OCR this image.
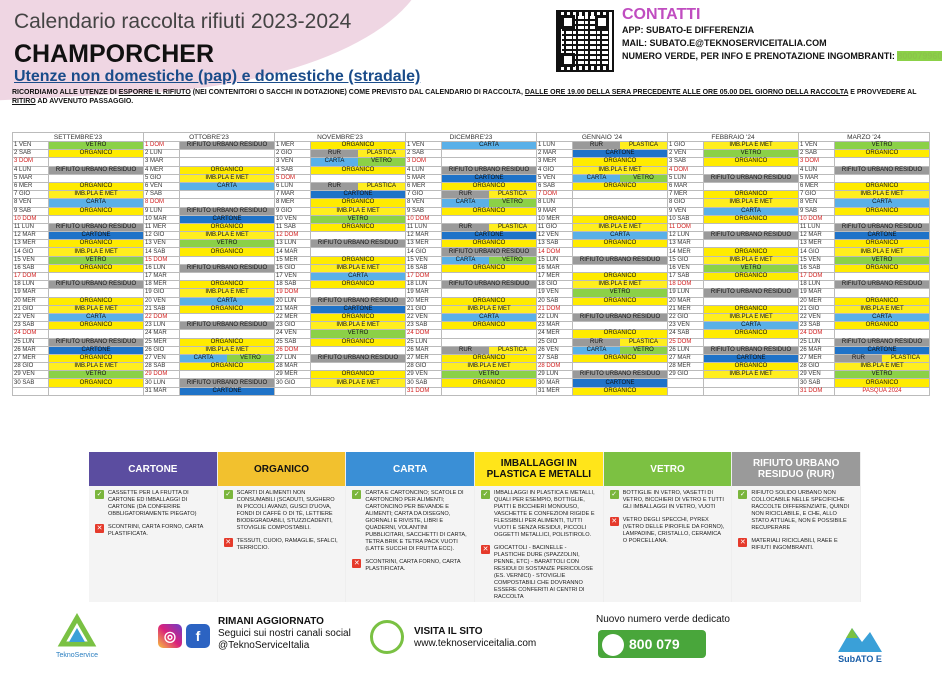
Calendario raccolta rifiuti 2023-2024
CHAMPORCHER
Utenze non domestiche (pap) e domestiche (stradale)
CONTATTI
APP: SUBATO-E DIFFERENZIA
MAIL: SUBATO.E@TEKNOSERVICEITALIA.COM
NUMERO VERDE, PER INFO E PRENOTAZIONE INGOMBRANTI: 800079960
RICORDIAMO ALLE UTENZE DI ESPORRE IL RIFIUTO (NEI CONTENITORI O SACCHI IN DOTAZIONE) COME PREVISTO DAL CALENDARIO DI RACCOLTA, DALLE ORE 19.00 DELLA SERA PRECEDENTE ALLE ORE 05.00 DEL GIORNO DELLA RACCOLTA E PROVVEDERE AL RITIRO AD AVVENUTO PASSAGGIO.
SETTEMBRE'23		OTTOBRE'23		NOVEMBRE'23		DICEMBRE'23		GENNAIO '24		FEBBRAIO '24		MARZO '24	
1 VEN	VETRO	1 DOM	RIFIUTO URBANO RESIDUO	1 MER	ORGANICO	1 VEN	CARTA	1 LUN	RUR PLASTICA	1 GIO	IMB.PLA E MET	1 VEN	VETRO
2 SAB	ORGANICO	2 LUN		2 GIO	RUR PLASTICA	2 SAB		2 MAR	CARTONE	2 VEN	VETRO	2 SAB	ORGANICO
3 DOM		3 MAR		3 VEN	CARTA VETRO	3 DOM		3 MER	ORGANICO	3 SAB	ORGANICO	3 DOM	
4 LUN	RIFIUTO URBANO RESIDUO	4 MER	ORGANICO	4 SAB	ORGANICO	4 LUN	RIFIUTO URBANO RESIDUO	4 GIO	IMB.PLA E MET	4 DOM		4 LUN	RIFIUTO URBANO RESIDUO
5 MAR		5 GIO	IMB.PLA E MET	5 DOM		5 MAR	CARTONE	5 VEN	CARTA VETRO	5 LUN	RIFIUTO URBANO RESIDUO	5 MAR	
6 MER	ORGANICO	6 VEN	CARTA	6 LUN	RUR PLASTICA	6 MER	ORGANICO	6 SAB	ORGANICO	6 MAR		6 MER	ORGANICO
7 GIO	IMB.PLA E MET	7 SAB		7 MAR	CARTONE	7 GIO	RUR PLASTICA	7 DOM		7 MER	ORGANICO	7 GIO	IMB.PLA E MET
8 VEN	CARTA	8 DOM		8 MER	ORGANICO	8 VEN	CARTA VETRO	8 LUN		8 GIO	IMB.PLA E MET	8 VEN	CARTA
9 SAB	ORGANICO	9 LUN	RIFIUTO URBANO RESIDUO	9 GIO	IMB.PLA E MET	9 SAB	ORGANICO	9 MAR		9 VEN	CARTA	9 SAB	ORGANICO
10 DOM		10 MAR	CARTONE	10 VEN	VETRO	10 DOM		10 MER	ORGANICO	10 SAB	ORGANICO	10 DOM	
11 LUN	RIFIUTO URBANO RESIDUO	11 MER	ORGANICO	11 SAB	ORGANICO	11 LUN	RUR PLASTICA	11 GIO	IMB.PLA E MET	11 DOM		11 LUN	RIFIUTO URBANO RESIDUO
12 MAR	CARTONE	12 GIO	IMB.PLA E MET	12 DOM		12 MAR	CARTONE	12 VEN	CARTA	12 LUN	RIFIUTO URBANO RESIDUO	12 MAR	CARTONE
13 MER	ORGANICO	13 VEN	VETRO	13 LUN	RIFIUTO URBANO RESIDUO	13 MER	ORGANICO	13 SAB	ORGANICO	13 MAR		13 MER	ORGANICO
14 GIO	IMB.PLA E MET	14 SAB	ORGANICO	14 MAR		14 GIO	RIFIUTO URBANO RESIDUO	14 DOM		14 MER	ORGANICO	14 GIO	IMB.PLA E MET
15 VEN	VETRO	15 DOM		15 MER	ORGANICO	15 VEN	CARTA VETRO	15 LUN	RIFIUTO URBANO RESIDUO	15 GIO	IMB.PLA E MET	15 VEN	VETRO
16 SAB	ORGANICO	16 LUN	RIFIUTO URBANO RESIDUO	16 GIO	IMB.PLA E MET	16 SAB	ORGANICO	16 MAR		16 VEN	VETRO	16 SAB	ORGANICO
17 DOM		17 MAR		17 VEN	CARTA	17 DOM		17 MER	ORGANICO	17 SAB	ORGANICO	17 DOM	
18 LUN	RIFIUTO URBANO RESIDUO	18 MER	ORGANICO	18 SAB	ORGANICO	18 LUN	RIFIUTO URBANO RESIDUO	18 GIO	IMB.PLA E MET	18 DOM		18 LUN	RIFIUTO URBANO RESIDUO
19 MAR		19 GIO	IMB.PLA E MET	19 DOM		19 MAR		19 VEN	VETRO	19 LUN	RIFIUTO URBANO RESIDUO	19 MAR	
20 MER	ORGANICO	20 VEN	CARTA	20 LUN	RIFIUTO URBANO RESIDUO	20 MER	ORGANICO	20 SAB	ORGANICO	20 MAR		20 MER	ORGANICO
21 GIO	IMB.PLA E MET	21 SAB	ORGANICO	21 MAR	CARTONE	21 GIO	IMB.PLA E MET	21 DOM		21 MER	ORGANICO	21 GIO	IMB.PLA E MET
22 VEN	CARTA	22 DOM		22 MER	ORGANICO	22 VEN	CARTA	22 LUN	RIFIUTO URBANO RESIDUO	22 GIO	IMB.PLA E MET	22 VEN	CARTA
23 SAB	ORGANICO	23 LUN	RIFIUTO URBANO RESIDUO	23 GIO	IMB.PLA E MET	23 SAB	ORGANICO	23 MAR		23 VEN	CARTA	23 SAB	ORGANICO
24 DOM		24 MAR		24 VEN	VETRO	24 DOM		24 MER	ORGANICO	24 SAB	ORGANICO	24 DOM	
25 LUN	RIFIUTO URBANO RESIDUO	25 MER	ORGANICO	25 SAB	ORGANICO	25 LUN		25 GIO	RUR PLASTICA	25 DOM		25 LUN	RIFIUTO URBANO RESIDUO
26 MAR	CARTONE	26 GIO	IMB.PLA E MET	26 DOM		26 MAR	RUR PLASTICA	26 VEN	CARTA VETRO	26 LUN	RIFIUTO URBANO RESIDUO	26 MAR	CARTONE
27 MER	ORGANICO	27 VEN	CARTA VETRO	27 LUN	RIFIUTO URBANO RESIDUO	27 MER	ORGANICO	27 SAB	ORGANICO	27 MAR	CARTONE	27 MER	RUR PLASTICA
28 GIO	IMB.PLA E MET	28 SAB	ORGANICO	28 MAR		28 GIO	IMB.PLA E MET	28 DOM		28 MER	ORGANICO	28 GIO	IMB.PLA E MET
29 VEN	VETRO	29 DOM		29 MER	ORGANICO	29 VEN	VETRO	29 LUN	RIFIUTO URBANO RESIDUO	29 GIO	IMB.PLA E MET	29 VEN	VETRO
30 SAB	ORGANICO	30 LUN	RIFIUTO URBANO RESIDUO	30 GIO	IMB.PLA E MET	30 SAB	ORGANICO	30 MAR	CARTONE			30 SAB	ORGANICO
		31 MAR	CARTONE			31 DOM		31 MER	ORGANICO			31 DOM	PASQUA 2024
CARTONE
✓ CASSETTE PER LA FRUTTA DI CARTONE ED IMBALLAGGI DI CARTONE (DA CONFERIRE OBBLIGATORIAMENTE PIEGATO)
✕ SCONTRINI, CARTA FORNO, CARTA PLASTIFICATA.
ORGANICO
✓ SCARTI DI ALIMENTI NON CONSUMABILI (SCADUTI, SUGHERO IN PICCOLI AVANZI, GUSCI D'UOVA, FONDI DI CAFFÈ O DI TÈ, LETTIERE BIODEGRADABILI, STUZZICADENTI, STOVIGLIE COMPOSTABILI.
✕ TESSUTI, CUOIO, RAMAGLIE, SFALCI, TERRICCIO.
CARTA
✓ CARTA E CARTONCINO; SCATOLE DI CARTONCINO PER ALIMENTI; CARTONCINO PER BEVANDE E ALIMENTI; CARTA DA DISEGNO, GIORNALI E RIVISTE, LIBRI E QUADERNI, VOLANTINI PUBBLICITARI, SACCHETTI DI CARTA, TETRA BRIK E TETRA PACK VUOTI (LATTE SUCCHI DI FRUTTA ECC).
✕ SCONTRINI, CARTA FORNO, CARTA PLASTIFICATA.
IMBALLAGGI IN PLASTICA E METALLI
✓ IMBALLAGGI IN PLASTICA E METALLI, QUALI PER ESEMPIO, BOTTIGLIE, PIATTI E BICCHIERI MONOUSO, VASCHETTE E CONFEZIONI RIGIDE E FLESSIBILI PER ALIMENTI, TUTTI VUOTI E SENZA RESIDUI, PICCOLI OGGETTI METALLICI, POLISTIROLO.
✕ GIOCATTOLI - BACINELLE - PLASTICHE DURE (SPAZZOLINI, PENNE, ETC) - BARATTOLI CON RESIDUI DI SOSTANZE PERICOLOSE (ES. VERNICI) - STOVIGLIE COMPOSTABILI CHE DOVRANNO ESSERE CONFERITI AI CENTRI DI RACCOLTA
VETRO
✓ BOTTIGLIE IN VETRO, VASETTI DI VETRO, BICCHIERI DI VETRO E TUTTI GLI IMBALLAGGI IN VETRO, VUOTI
✕ VETRO DEGLI SPECCHI, PYREX (VETRO DELLE PIROFILE DA FORNO), LAMPADINE, CRISTALLO, CERAMICA O PORCELLANA.
RIFIUTO URBANO RESIDUO (RUR)
✓ RIFIUTO SOLIDO URBANO NON COLLOCABILE NELLE SPECIFICHE RACCOLTE DIFFERENZIATE, QUINDI NON RICICLABILE, E CHE, ALLO STATO ATTUALE, NON È POSSIBILE RECUPERARE
✕ MATERIALI RICICLABILI, RAEE E RIFIUTI INGOMBRANTI.
TeknoService
◎	f
RIMANI AGGIORNATO
Seguici sui nostri canali social
@TeknoServiceItalia
VISITA IL SITO
www.teknoserviceitalia.com
Nuovo numero verde dedicato
800 079 960
SubATO E
